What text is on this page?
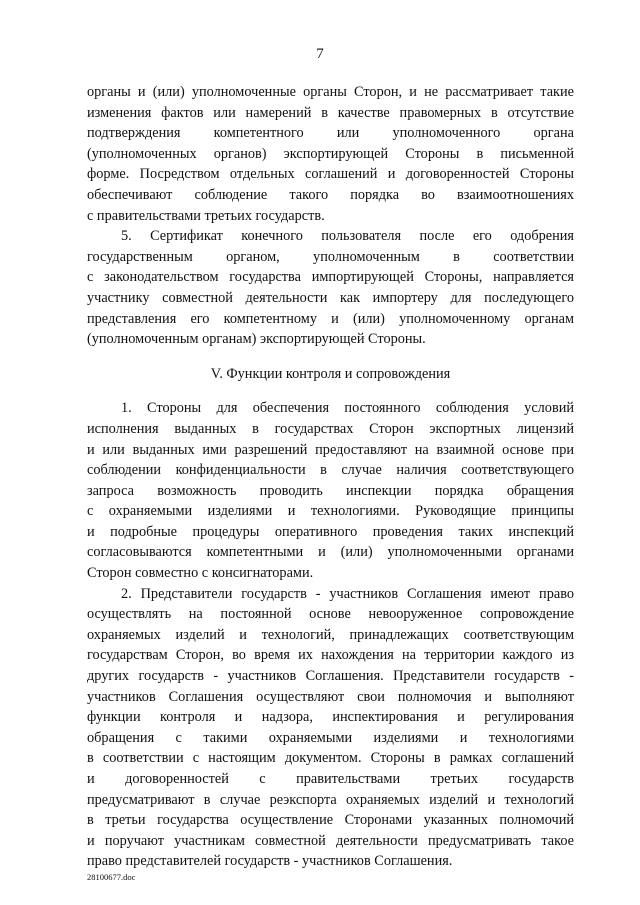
7
органы и (или) уполномоченные органы Сторон, и не рассматривает такие
изменения фактов или намерений в качестве правомерных в отсутствие
подтверждения компетентного или уполномоченного органа
(уполномоченных органов) экспортирующей Стороны в письменной
форме. Посредством отдельных соглашений и договоренностей Стороны
обеспечивают соблюдение такого порядка во взаимоотношениях
с правительствами третьих государств.
5. Сертификат конечного пользователя после его одобрения
государственным органом, уполномоченным в соответствии
с законодательством государства импортирующей Стороны, направляется
участнику совместной деятельности как импортеру для последующего
представления его компетентному и (или) уполномоченному органам
(уполномоченным органам) экспортирующей Стороны.
V. Функции контроля и сопровождения
1. Стороны для обеспечения постоянного соблюдения условий
исполнения выданных в государствах Сторон экспортных лицензий
и или выданных ими разрешений предоставляют на взаимной основе при
соблюдении конфиденциальности в случае наличия соответствующего
запроса возможность проводить инспекции порядка обращения
с охраняемыми изделиями и технологиями. Руководящие принципы
и подробные процедуры оперативного проведения таких инспекций
согласовываются компетентными и (или) уполномоченными органами
Сторон совместно с консигнаторами.
2. Представители государств - участников Соглашения имеют право
осуществлять на постоянной основе невооруженное сопровождение
охраняемых изделий и технологий, принадлежащих соответствующим
государствам Сторон, во время их нахождения на территории каждого из
других государств - участников Соглашения. Представители государств -
участников Соглашения осуществляют свои полномочия и выполняют
функции контроля и надзора, инспектирования и регулирования
обращения с такими охраняемыми изделиями и технологиями
в соответствии с настоящим документом. Стороны в рамках соглашений
и договоренностей с правительствами третьих государств
предусматривают в случае реэкспорта охраняемых изделий и технологий
в третьи государства осуществление Сторонами указанных полномочий
и поручают участникам совместной деятельности предусматривать такое
право представителей государств - участников Соглашения.
28100677.doc
